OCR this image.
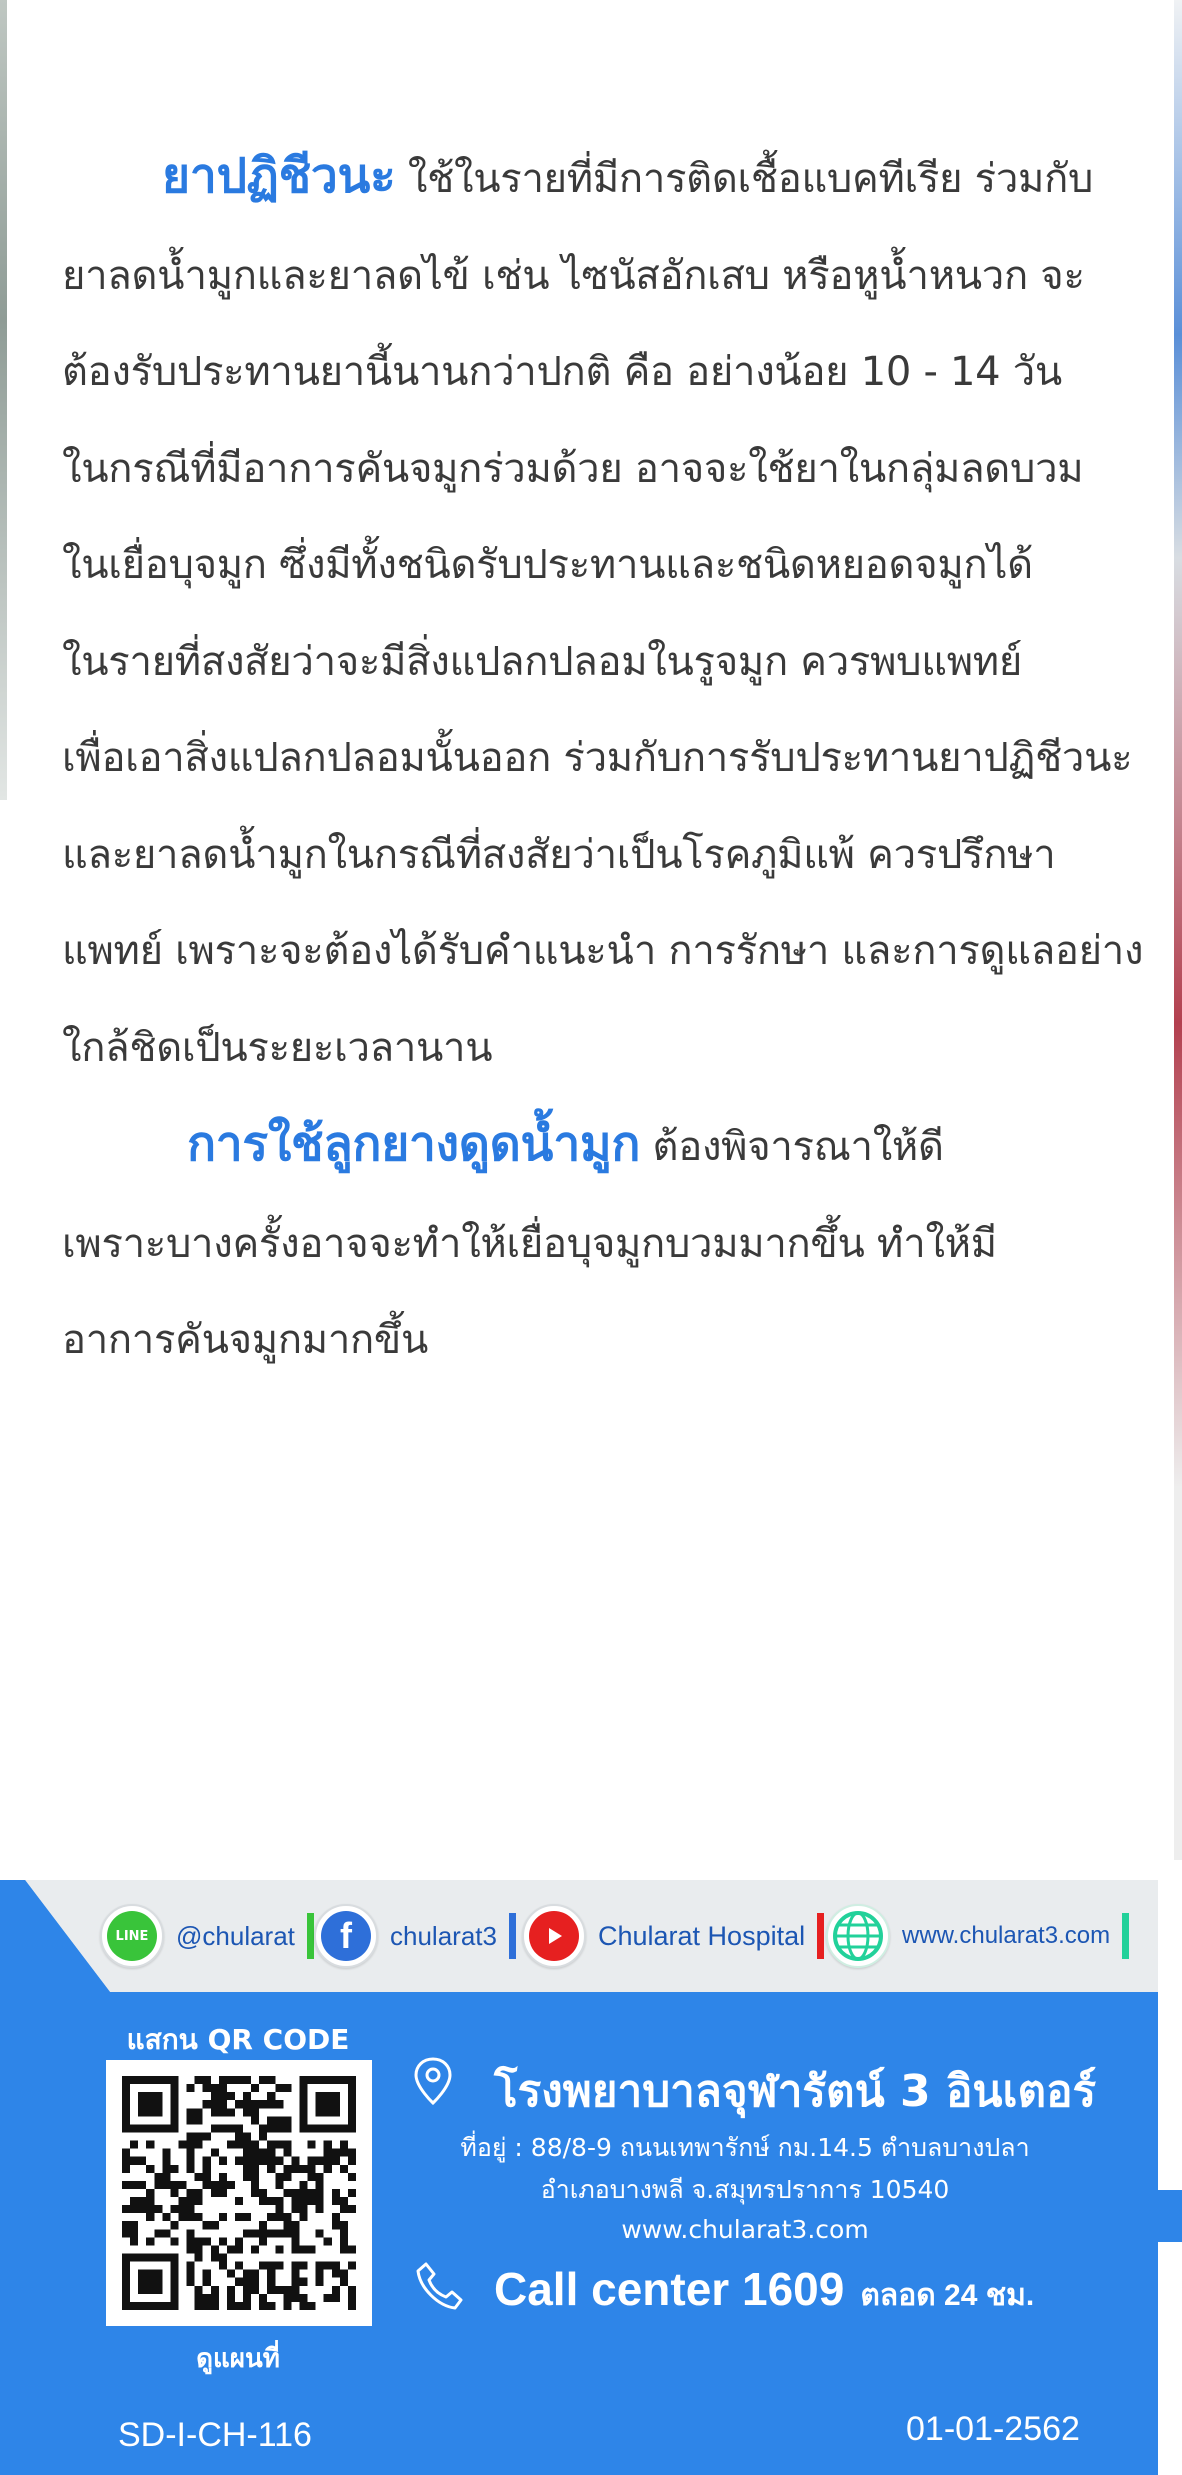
ยาปฏิชีวนะ ใช้ในรายที่มีการติดเชื้อแบคทีเรีย ร่วมกับ

ยาลดน้ำมูกและยาลดไข้ เช่น ไซนัสอักเสบ หรือหูน้ำหนวก จะ

ต้องรับประทานยานี้นานกว่าปกติ คือ อย่างน้อย 10 - 14 วัน

ในกรณีที่มีอาการคันจมูกร่วมด้วย อาจจะใช้ยาในกลุ่มลดบวม

ในเยื่อบุจมูก ซึ่งมีทั้งชนิดรับประทานและชนิดหยอดจมูกได้

ในรายที่สงสัยว่าจะมีสิ่งแปลกปลอมในรูจมูก ควรพบแพทย์

เพื่อเอาสิ่งแปลกปลอมนั้นออก ร่วมกับการรับประทานยาปฏิชีวนะ

และยาลดน้ำมูกในกรณีที่สงสัยว่าเป็นโรคภูมิแพ้ ควรปรึกษา

แพทย์ เพราะจะต้องได้รับคำแนะนำ การรักษา และการดูแลอย่าง

ใกล้ชิดเป็นระยะเวลานาน

การใช้ลูกยางดูดน้ำมูก ต้องพิจารณาให้ดี

เพราะบางครั้งอาจจะทำให้เยื่อบุจมูกบวมมากขึ้น ทำให้มี

อาการคันจมูกมากขึ้น

LINE	@chularat	f	chularat3	Chularat Hospital	www.chularat3.com
แสกน QR CODE
ดูแผนที่
โรงพยาบาลจุฬารัตน์ 3 อินเตอร์
ที่อยู่ : 88/8-9 ถนนเทพารักษ์ กม.14.5 ตำบลบางปลา
อำเภอบางพลี จ.สมุทรปราการ 10540
www.chularat3.com
Call center 1609 ตลอด 24 ชม.
SD-I-CH-116	01-01-2562
